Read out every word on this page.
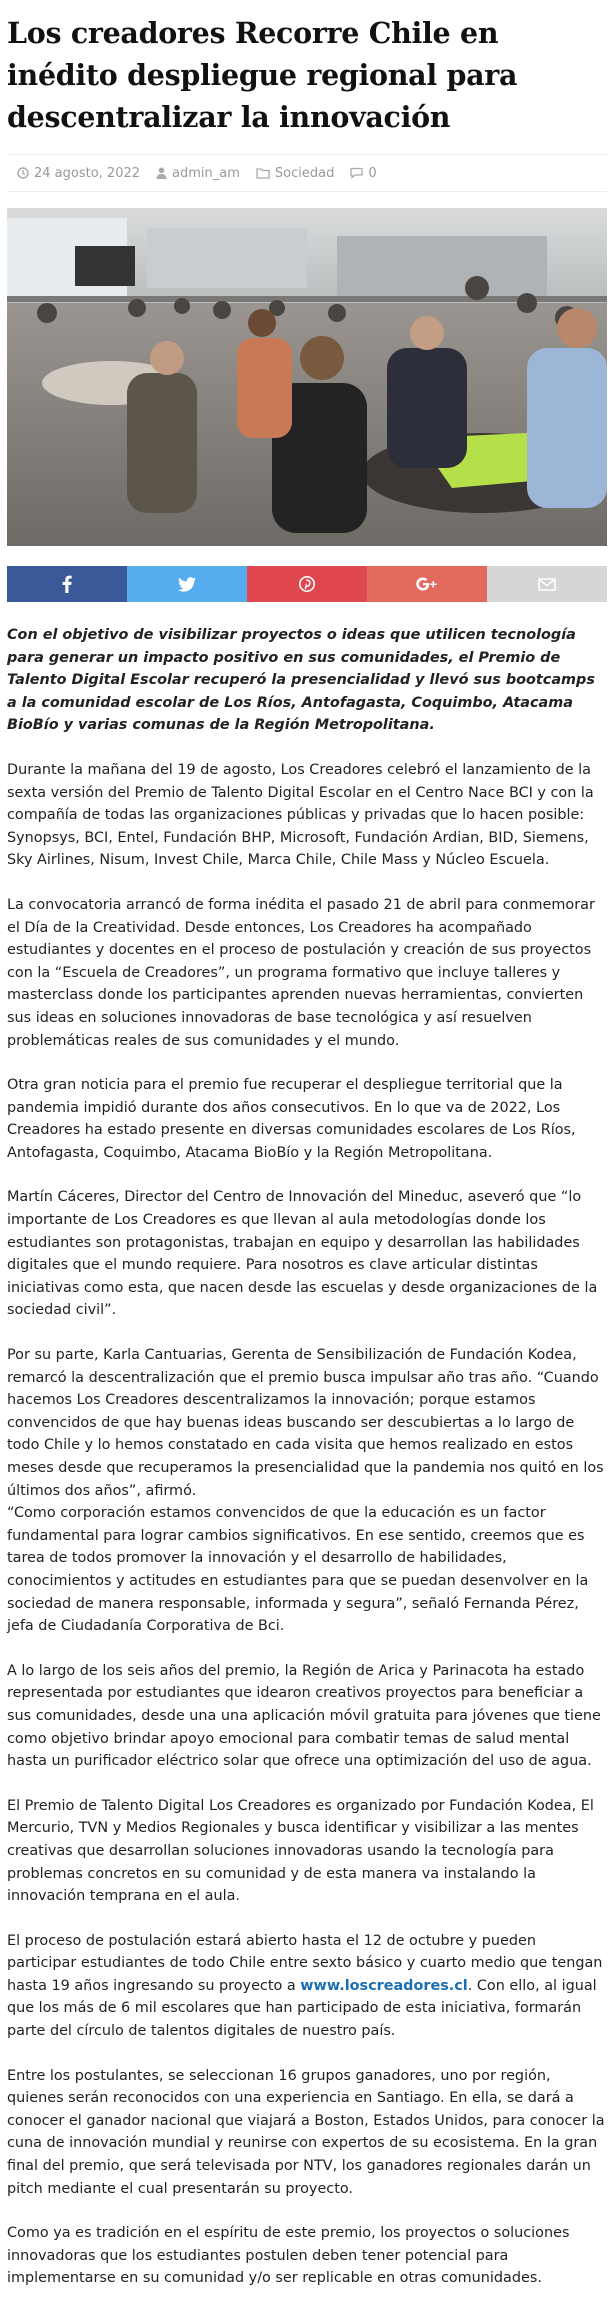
Los creadores Recorre Chile en inédito despliegue regional para descentralizar la innovación
24 agosto, 2022 admin_am	Sociedad	0

Con el objetivo de visibilizar proyectos o ideas que utilicen tecnología para generar un impacto positivo en sus comunidades, el Premio de Talento Digital Escolar recuperó la presencialidad y llevó sus bootcamps a la comunidad escolar de Los Ríos, Antofagasta, Coquimbo, Atacama BioBío y varias comunas de la Región Metropolitana.

Durante la mañana del 19 de agosto, Los Creadores celebró el lanzamiento de la sexta versión del Premio de Talento Digital Escolar en el Centro Nace BCI y con la compañía de todas las organizaciones públicas y privadas que lo hacen posible: Synopsys, BCI, Entel, Fundación BHP, Microsoft, Fundación Ardian, BID, Siemens, Sky Airlines, Nisum, Invest Chile, Marca Chile, Chile Mass y Núcleo Escuela.

La convocatoria arrancó de forma inédita el pasado 21 de abril para conmemorar el Día de la Creatividad. Desde entonces, Los Creadores ha acompañado estudiantes y docentes en el proceso de postulación y creación de sus proyectos con la “Escuela de Creadores”, un programa formativo que incluye talleres y masterclass donde los participantes aprenden nuevas herramientas, convierten sus ideas en soluciones innovadoras de base tecnológica y así resuelven problemáticas reales de sus comunidades y el mundo.

Otra gran noticia para el premio fue recuperar el despliegue territorial que la pandemia impidió durante dos años consecutivos. En lo que va de 2022, Los Creadores ha estado presente en diversas comunidades escolares de Los Ríos, Antofagasta, Coquimbo, Atacama BioBío y la Región Metropolitana.

Martín Cáceres, Director del Centro de Innovación del Mineduc, aseveró que “lo importante de Los Creadores es que llevan al aula metodologías donde los estudiantes son protagonistas, trabajan en equipo y desarrollan las habilidades digitales que el mundo requiere. Para nosotros es clave articular distintas iniciativas como esta, que nacen desde las escuelas y desde organizaciones de la sociedad civil”.

Por su parte, Karla Cantuarias, Gerenta de Sensibilización de Fundación Kodea, remarcó la descentralización que el premio busca impulsar año tras año. “Cuando hacemos Los Creadores descentralizamos la innovación; porque estamos convencidos de que hay buenas ideas buscando ser descubiertas a lo largo de todo Chile y lo hemos constatado en cada visita que hemos realizado en estos meses desde que recuperamos la presencialidad que la pandemia nos quitó en los últimos dos años”, afirmó.

“Como corporación estamos convencidos de que la educación es un factor fundamental para lograr cambios significativos. En ese sentido, creemos que es tarea de todos promover la innovación y el desarrollo de habilidades, conocimientos y actitudes en estudiantes para que se puedan desenvolver en la sociedad de manera responsable, informada y segura”, señaló Fernanda Pérez, jefa de Ciudadanía Corporativa de Bci.

A lo largo de los seis años del premio, la Región de Arica y Parinacota ha estado representada por estudiantes que idearon creativos proyectos para beneficiar a sus comunidades, desde una una aplicación móvil gratuita para jóvenes que tiene como objetivo brindar apoyo emocional para combatir temas de salud mental hasta un purificador eléctrico solar que ofrece una optimización del uso de agua.

El Premio de Talento Digital Los Creadores es organizado por Fundación Kodea, El Mercurio, TVN y Medios Regionales y busca identificar y visibilizar a las mentes creativas que desarrollan soluciones innovadoras usando la tecnología para problemas concretos en su comunidad y de esta manera va instalando la innovación temprana en el aula.

El proceso de postulación estará abierto hasta el 12 de octubre y pueden participar estudiantes de todo Chile entre sexto básico y cuarto medio que tengan hasta 19 años ingresando su proyecto a www.loscreadores.cl. Con ello, al igual que los más de 6 mil escolares que han participado de esta iniciativa, formarán parte del círculo de talentos digitales de nuestro país.

Entre los postulantes, se seleccionan 16 grupos ganadores, uno por región, quienes serán reconocidos con una experiencia en Santiago. En ella, se dará a conocer el ganador nacional que viajará a Boston, Estados Unidos, para conocer la cuna de innovación mundial y reunirse con expertos de su ecosistema. En la gran final del premio, que será televisada por NTV, los ganadores regionales darán un pitch mediante el cual presentarán su proyecto.

Como ya es tradición en el espíritu de este premio, los proyectos o soluciones innovadoras que los estudiantes postulen deben tener potencial para implementarse en su comunidad y/o ser replicable en otras comunidades.
